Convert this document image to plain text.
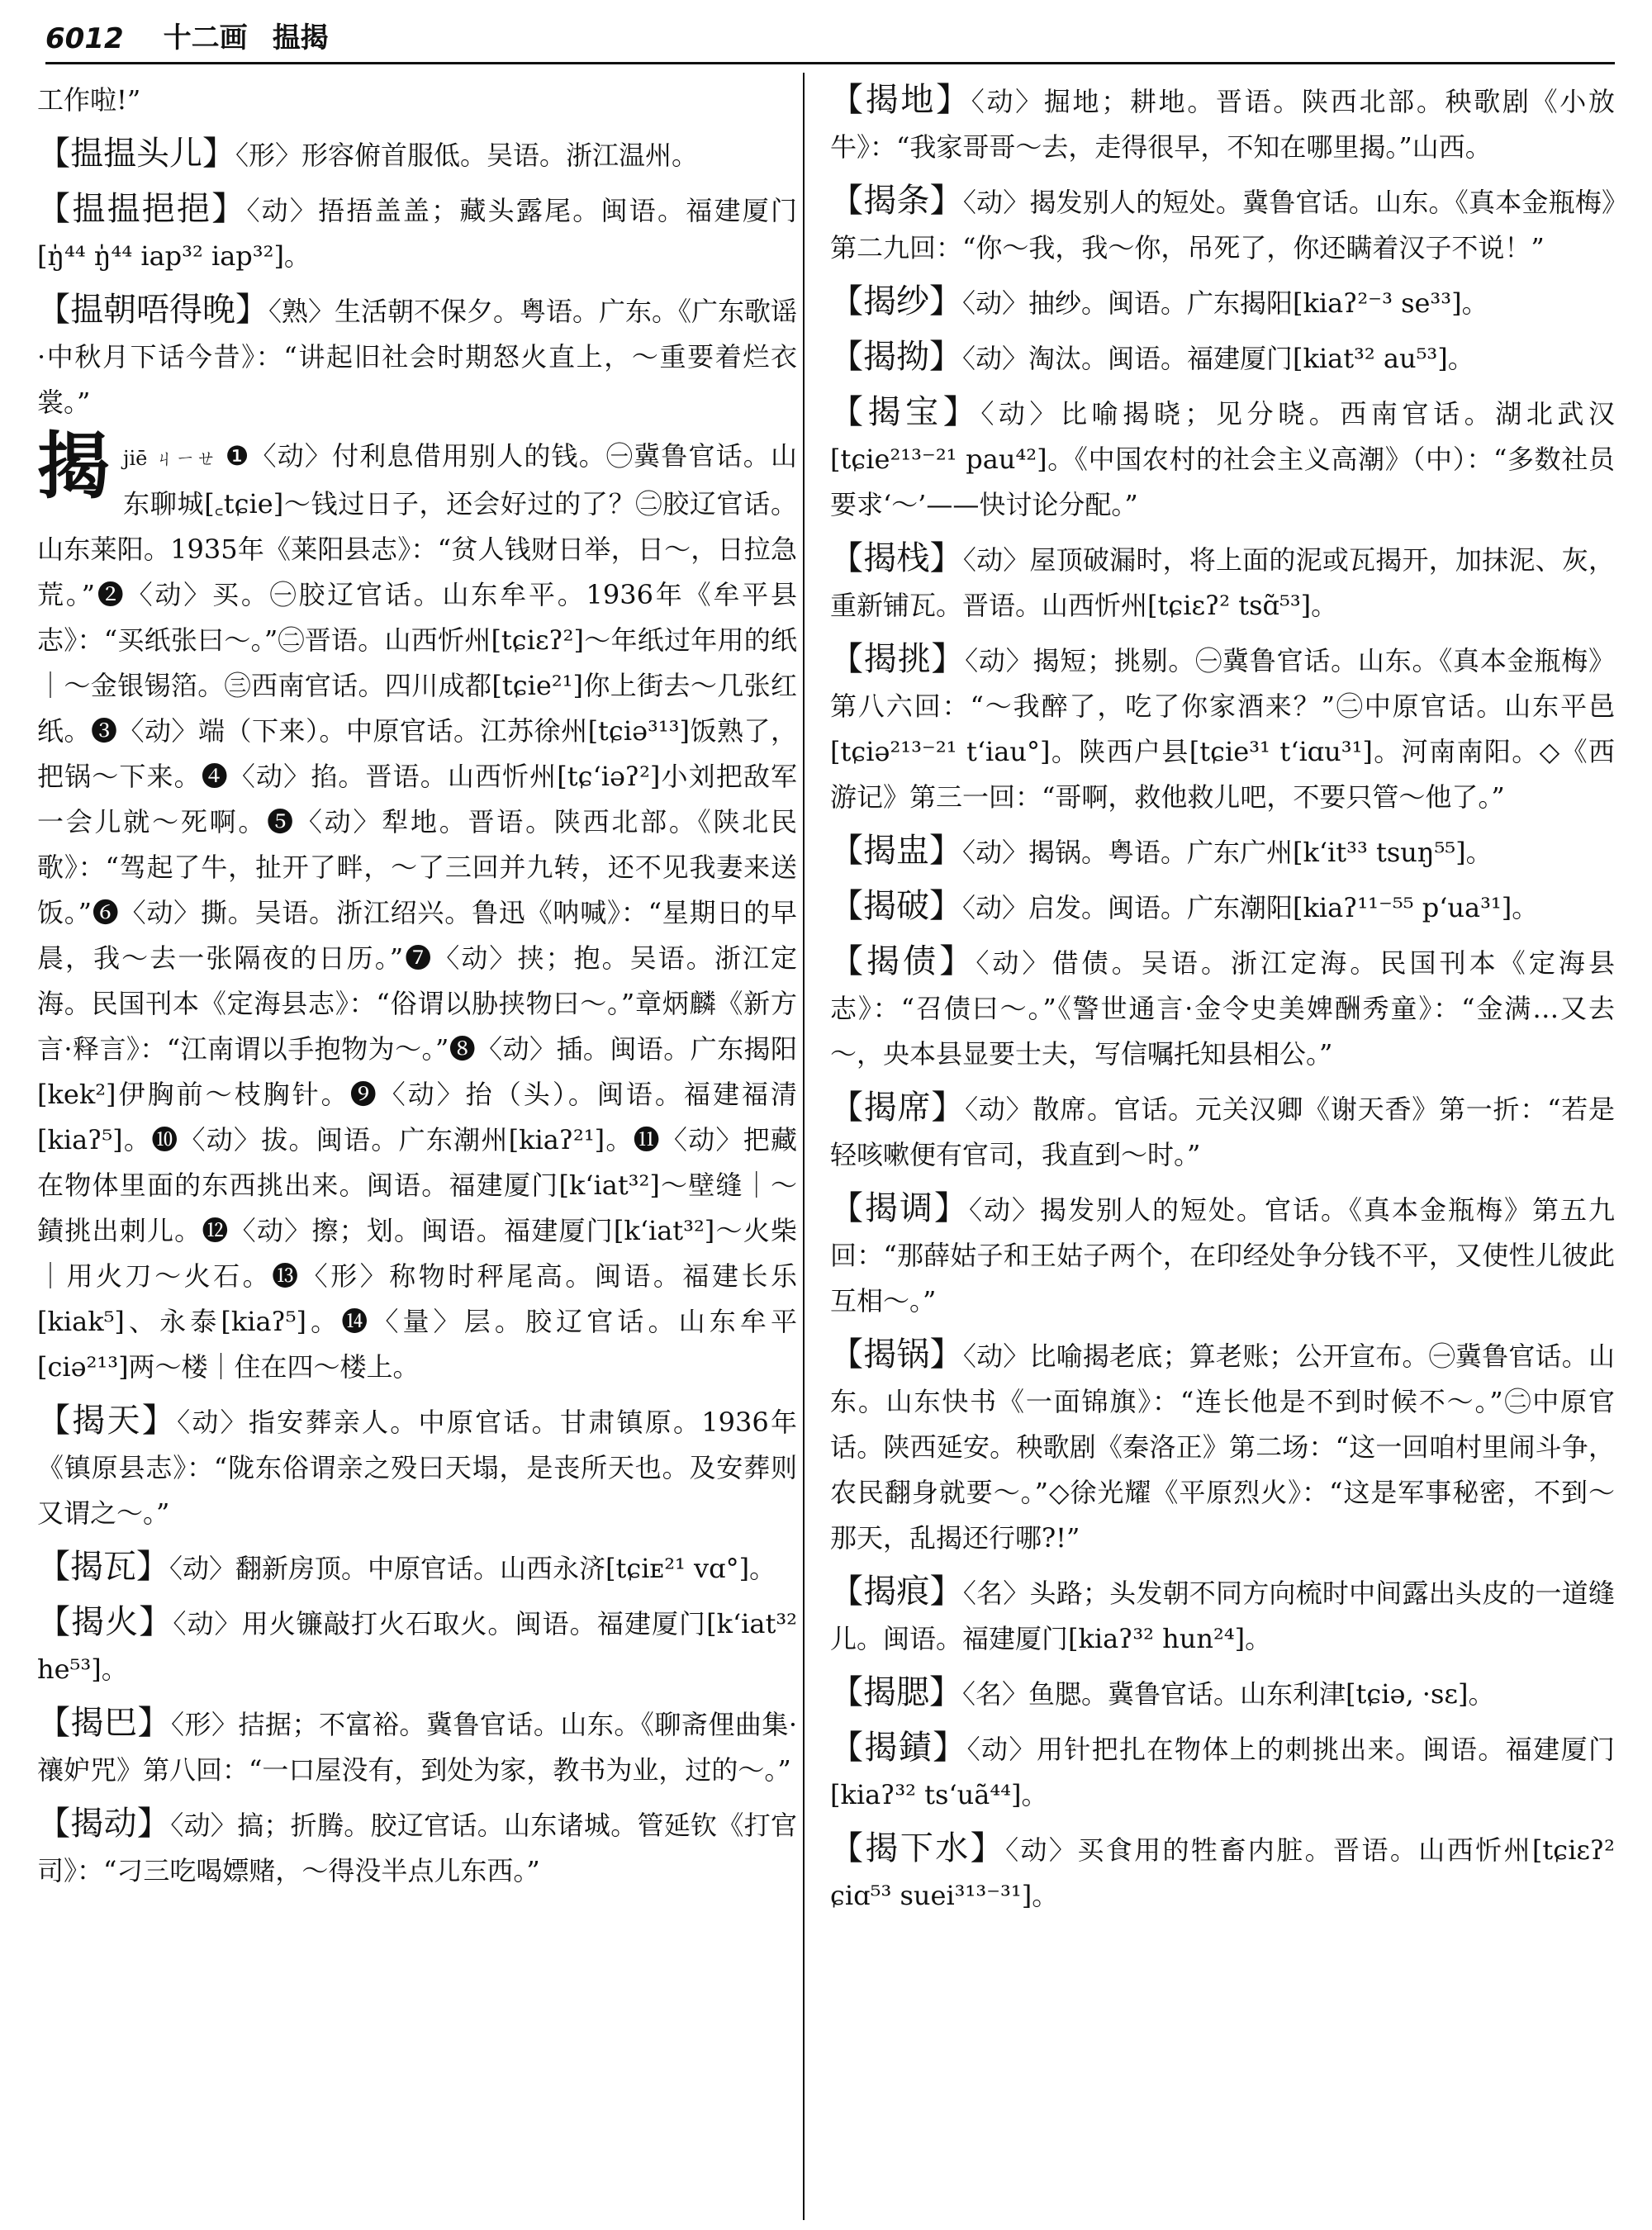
6012 十二画 揾揭
工作啦!”
【揾揾头儿】〈形〉形容俯首服低。吴语。浙江温州。
【揾揾挹挹】〈动〉捂捂盖盖；藏头露尾。闽语。福建厦门[ŋ̍⁴⁴ ŋ̍⁴⁴ iap³² iap³²]。
【揾朝唔得晚】〈熟〉生活朝不保夕。粤语。广东。《广东歌谣·中秋月下话今昔》：“讲起旧社会时期怒火直上，～重要着烂衣裳。”
揭 jiē ㄐㄧㄝ ❶〈动〉付利息借用别人的钱。㊀冀鲁官话。山东聊城[꜀tɕie]～钱过日子，还会好过的了？㊁胶辽官话。山东莱阳。1935年《莱阳县志》：“贫人钱财日举，日～，日拉急荒。”❷〈动〉买。㊀胶辽官话。山东牟平。1936年《牟平县志》：“买纸张曰～。”㊁晋语。山西忻州[tɕiɛʔ²]～年纸过年用的纸｜～金银锡箔。㊂西南官话。四川成都[tɕie²¹]你上街去～几张红纸。❸〈动〉端（下来）。中原官话。江苏徐州[tɕiə³¹³]饭熟了，把锅～下来。❹〈动〉掐。晋语。山西忻州[tɕ‘iəʔ²]小刘把敌军一会儿就～死啊。❺〈动〉犁地。晋语。陕西北部。《陕北民歌》：“驾起了牛，扯开了畔，～了三回并九转，还不见我妻来送饭。”❻〈动〉撕。吴语。浙江绍兴。鲁迅《呐喊》：“星期日的早晨，我～去一张隔夜的日历。”❼〈动〉挟；抱。吴语。浙江定海。民国刊本《定海县志》：“俗谓以胁挟物曰～。”章炳麟《新方言·释言》：“江南谓以手抱物为～。”❽〈动〉插。闽语。广东揭阳[kek²]伊胸前～枝胸针。❾〈动〉抬（头）。闽语。福建福清[kiaʔ⁵]。❿〈动〉拔。闽语。广东潮州[kiaʔ²¹]。⓫〈动〉把藏在物体里面的东西挑出来。闽语。福建厦门[k‘iat³²]～壁缝｜～䥊挑出刺儿。⓬〈动〉擦；划。闽语。福建厦门[k‘iat³²]～火柴｜用火刀～火石。⓭〈形〉称物时秤尾高。闽语。福建长乐[kiak⁵]、永泰[kiaʔ⁵]。⓮〈量〉层。胶辽官话。山东牟平[ciə²¹³]两～楼｜住在四～楼上。
【揭天】〈动〉指安葬亲人。中原官话。甘肃镇原。1936年《镇原县志》：“陇东俗谓亲之殁曰天塌，是丧所天也。及安葬则又谓之～。”
【揭瓦】〈动〉翻新房顶。中原官话。山西永济[tɕiᴇ²¹ vɑ°]。
【揭火】〈动〉用火镰敲打火石取火。闽语。福建厦门[k‘iat³² he⁵³]。
【揭巴】〈形〉拮据；不富裕。冀鲁官话。山东。《聊斋俚曲集·禳妒咒》第八回：“一口屋没有，到处为家，教书为业，过的～。”
【揭动】〈动〉搞；折腾。胶辽官话。山东诸城。管延钦《打官司》：“刁三吃喝嫖赌，～得没半点儿东西。”
【揭地】〈动〉掘地；耕地。晋语。陕西北部。秧歌剧《小放牛》：“我家哥哥～去，走得很早，不知在哪里揭。”山西。
【揭条】〈动〉揭发别人的短处。冀鲁官话。山东。《真本金瓶梅》第二九回：“你～我，我～你，吊死了，你还瞒着汉子不说！”
【揭纱】〈动〉抽纱。闽语。广东揭阳[kiaʔ²⁻³ se³³]。
【揭拗】〈动〉淘汰。闽语。福建厦门[kiat³² au⁵³]。
【揭宝】〈动〉比喻揭晓；见分晓。西南官话。湖北武汉[tɕie²¹³⁻²¹ pau⁴²]。《中国农村的社会主义高潮》（中）：“多数社员要求‘～’——快讨论分配。”
【揭栈】〈动〉屋顶破漏时，将上面的泥或瓦揭开，加抹泥、灰，重新铺瓦。晋语。山西忻州[tɕiɛʔ² tsɑ̃⁵³]。
【揭挑】〈动〉揭短；挑剔。㊀冀鲁官话。山东。《真本金瓶梅》第八六回：“～我醉了，吃了你家酒来？”㊁中原官话。山东平邑[tɕiə²¹³⁻²¹ t‘iau°]。陕西户县[tɕie³¹ t‘iɑu³¹]。河南南阳。◇《西游记》第三一回：“哥啊，救他救儿吧，不要只管～他了。”
【揭盅】〈动〉揭锅。粤语。广东广州[k‘it³³ tsuŋ⁵⁵]。
【揭破】〈动〉启发。闽语。广东潮阳[kiaʔ¹¹⁻⁵⁵ p‘ua³¹]。
【揭债】〈动〉借债。吴语。浙江定海。民国刊本《定海县志》：“召债曰～。”《警世通言·金令史美婢酬秀童》：“金满…又去～，央本县显要士夫，写信嘱托知县相公。”
【揭席】〈动〉散席。官话。元关汉卿《谢天香》第一折：“若是轻咳嗽便有官司，我直到～时。”
【揭调】〈动〉揭发别人的短处。官话。《真本金瓶梅》第五九回：“那薛姑子和王姑子两个，在印经处争分钱不平，又使性儿彼此互相～。”
【揭锅】〈动〉比喻揭老底；算老账；公开宣布。㊀冀鲁官话。山东。山东快书《一面锦旗》：“连长他是不到时候不～。”㊁中原官话。陕西延安。秧歌剧《秦洛正》第二场：“这一回咱村里闹斗争，农民翻身就要～。”◇徐光耀《平原烈火》：“这是军事秘密，不到～那天，乱揭还行哪?!”
【揭痕】〈名〉头路；头发朝不同方向梳时中间露出头皮的一道缝儿。闽语。福建厦门[kiaʔ³² hun²⁴]。
【揭腮】〈名〉鱼腮。冀鲁官话。山东利津[tɕiə, ·sɛ]。
【揭䥊】〈动〉用针把扎在物体上的刺挑出来。闽语。福建厦门[kiaʔ³² ts‘uã⁴⁴]。
【揭下水】〈动〉买食用的牲畜内脏。晋语。山西忻州[tɕiɛʔ² ɕiɑ⁵³ suei³¹³⁻³¹]。
